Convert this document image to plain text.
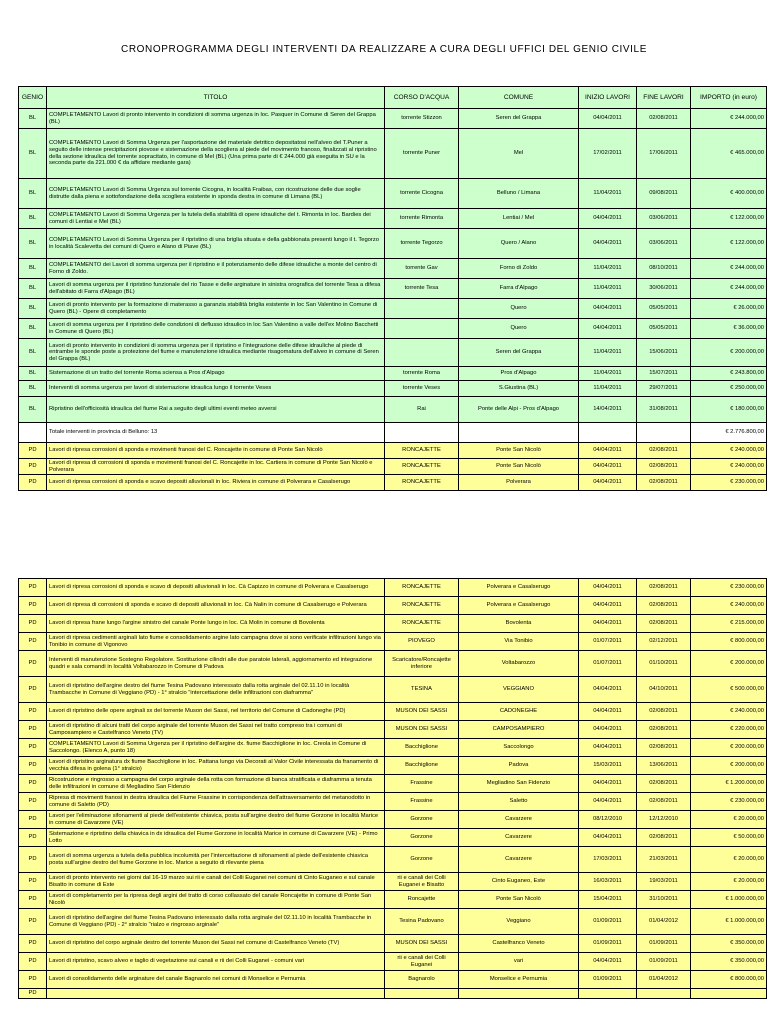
CRONOPROGRAMMA DEGLI INTERVENTI DA REALIZZARE A CURA DEGLI UFFICI DEL GENIO CIVILE
GENIO	TITOLO	CORSO D'ACQUA	COMUNE	INIZIO LAVORI	FINE LAVORI	IMPORTO (in euro)
BL	COMPLETAMENTO Lavori di pronto intervento in condizioni di somma urgenza in loc. Pasquer in Comune di Seren del Grappa (BL)	torrente Stizzon	Seren del Grappa	04/04/2011	02/08/2011	€ 244.000,00
BL	COMPLETAMENTO Lavori di Somma Urgenza per l'asportazione del materiale detritico depositatosi nell'alveo del T.Puner a seguito delle intense precipitazioni piovose e sistemazione della scogliera al piede del movimento franoso, finalizzati al ripristino della sezione idraulica del torrente sopracitato, in comune di Mel (BL) (Una prima parte di € 244.000 già eseguita in SU e la seconda parte da 221.000 € da affidare mediante gara)	torrente Puner	Mel	17/02/2011	17/06/2011	€ 465.000,00
BL	COMPLETAMENTO Lavori di Somma Urgenza sul torrente Cicogna, in località Fraibas, con ricostruzione delle due soglie distrutte dalla piena e sottofondazione della scogliera esistente in sponda destra in comune di Limana (BL)	torrente Cicogna	Belluno / Limana	11/04/2011	09/08/2011	€ 400.000,00
BL	COMPLETAMENTO Lavori di Somma Urgenza per la tutela della stabilità di opere idrauliche del t. Rimonta in loc. Bardies dei comuni di Lentiai e Mel (BL)	torrente Rimonta	Lentiai / Mel	04/04/2011	03/06/2011	€ 122.000,00
BL	COMPLETAMENTO Lavori di Somma Urgenza per il ripristino di una briglia situata e della gabbionata presenti lungo il t. Tegorzo in località Scalevetta dei comuni di Quero e Alano di Piave (BL)	torrente Tegorzo	Quero / Alano	04/04/2011	03/06/2011	€ 122.000,00
BL	COMPLETAMENTO dei Lavori di somma urgenza per il ripristino e il potenziamento delle difese idrauliche a monte del centro di Forno di Zoldo.	torrente Gav	Forno di Zoldo	11/04/2011	08/10/2011	€ 244.000,00
BL	Lavori di somma urgenza per il ripristino funzionale del rio Tasse e delle arginature in sinistra orografica del torrente Tesa a difesa dell'abitato di Farra d'Alpago (BL)	torrente Tesa	Farra d'Alpago	11/04/2011	30/06/2011	€ 244.000,00
BL	Lavori di pronto intervento per la formazione di materasso a garanzia stabilità briglia esistente in loc San Valentino in Comune di Quero (BL) - Opere di completamento		Quero	04/04/2011	05/05/2011	€ 26.000,00
BL	Lavori di somma urgenza per il ripristino delle condizioni di deflusso idraulico in loc San Valentino a valle dell'ex Molino Bacchetti in Comune di Quero (BL)		Quero	04/04/2011	05/05/2011	€ 36.000,00
BL	Lavori di pronto intervento in condizioni di somma urgenza per il ripristino e l'integrazione delle difese idrauliche al piede di entrambe le sponde poste a protezione del fiume e manutenzione idraulica mediante risagomatura dell'alveo in comune di Seren del Grappa (BL)		Seren del Grappa	11/04/2011	15/06/2011	€ 200.000,00
BL	Sistemazione di un tratto del torrente Roma sciensa a Pros d'Alpago	torrente Roma	Pros d'Alpago	11/04/2011	15/07/2011	€ 243.800,00
BL	Interventi di somma urgenza per lavori di sistemazione idraulica lungo il torrente Veses	torrente Veses	S.Giustina (BL)	11/04/2011	29/07/2011	€ 250.000,00
BL	Ripristino dell'officiosità idraulica del fiume Rai a seguito degli ultimi eventi meteo avversi	Rai	Ponte delle Alpi - Pros d'Alpago	14/04/2011	31/08/2011	€ 180.000,00
	Totale interventi in provincia di Belluno: 13					€ 2.776.800,00
PD	Lavori di ripresa corrosioni di sponda e movimenti franosi del C. Roncajette in comune di Ponte San Nicolò	RONCAJETTE	Ponte San Nicolò	04/04/2011	02/08/2011	€ 240.000,00
PD	Lavori di ripresa di corrosioni di sponda e movimenti franosi del C. Roncajette in loc. Cartiera in comune di Ponte San Nicolò e Polverara	RONCAJETTE	Ponte San Nicolò	04/04/2011	02/08/2011	€ 240.000,00
PD	Lavori di ripresa corrosioni di sponda e scavo depositi alluvionali in loc. Riviera in comune di Polverara e Casalserugo	RONCAJETTE	Polverara	04/04/2011	02/08/2011	€ 230.000,00
PD	Lavori di ripresa corrosioni di sponda e scavo di depositi alluvionali in loc. Cà Capizzo in comune di Polverara e Casalserugo	RONCAJETTE	Polverara e Casalserugo	04/04/2011	02/08/2011	€ 230.000,00
PD	Lavori di ripresa di corrosioni di sponda e scavo di depositi alluvionali in loc. Cà Nalin in comune di Casalserugo e Polverara	RONCAJETTE	Polverara e Casalserugo	04/04/2011	02/08/2011	€ 240.000,00
PD	Lavori di ripresa frane lungo l'argine sinistro del canale Ponte lungo in loc. Cà Molin in comune di Bovolenta	RONCAJETTE	Bovolenta	04/04/2011	02/08/2011	€ 215.000,00
PD	Lavori di ripresa cedimenti arginali lato fiume e consolidamento argine lato campagna dove si sono verificate infiltrazioni lungo via Tonibio in comune di Vigonovo	PIOVEGO	Via Tonibio	01/07/2011	02/12/2011	€ 800.000,00
PD	Interventi di manutenzione Sostegno Regolatore. Sostituzione cilindri alle due paratoie laterali, aggiornamento ed integrazione quadri e sala comandi in località Voltabarozzo in Comune di Padova	Scaricatore/Roncajette inferiore	Voltabarozzo	01/07/2011	01/10/2011	€ 200.000,00
PD	Lavori di ripristino dell'argine destro del fiume Tesina Padovano interessato dalla rotta arginale del 02.11.10 in località Trambacche in Comune di Veggiano (PD) - 1° stralcio "intercettazione delle infiltrazioni con diaframma"	TESINA	VEGGIANO	04/04/2011	04/10/2011	€ 500.000,00
PD	Lavori di ripristino delle opere arginali sx del torrente Muson dei Sassi, nel territorio del Comune di Cadoneghe (PD)	MUSON DEI SASSI	CADONEGHE	04/04/2011	02/08/2011	€ 240.000,00
PD	Lavori di ripristino di alcuni tratti del corpo arginale del torrente Muson dei Sassi nel tratto compreso tra i comuni di Camposampiero e Castelfranco Veneto (TV)	MUSON DEI SASSI	CAMPOSAMPIERO	04/04/2011	02/08/2011	€ 220.000,00
PD	COMPLETAMENTO Lavori di Somma Urgenza per il ripristino dell'argine dx. fiume Bacchiglione in loc. Creola in Comune di Saccolongo. (Elenco A, punto 18)	Bacchiglione	Saccolongo	04/04/2011	02/08/2011	€ 200.000,00
PD	Lavori di ripristino arginatura dx fiume Bacchiglione in loc. Pattana lungo via Decorati al Valor Civile interessata da franamento di vecchia difesa in golena (1° stralcio)	Bacchiglione	Padova	15/03/2011	13/06/2011	€ 200.000,00
PD	Ricostruzione e ringrosso a campagna del corpo arginale della rotta con formazione di banca stratificata e diaframma a tenuta delle infiltrazioni in comune di Megliadino San Fidenzio	Frassine	Megliadino San Fidenzio	04/04/2011	02/08/2011	€ 1.200.000,00
PD	Ripresa di movimenti franosi in destra idraulica del Fiume Frassine in corrispondenza dell'attraversamento del metanodotto in comune di Saletto (PD)	Frassine	Saletto	04/04/2011	02/08/2011	€ 230.000,00
PD	Lavori per l'eliminazione sifonamenti al piede dell'esistente chiavica, posta sull'argine destro del fiume Gorzone in località Marice in comune di Cavarzere (VE)	Gorzone	Cavarzere	08/12/2010	12/12/2010	€ 20.000,00
PD	Sistemazione e ripristino della chiavica in dx idraulica del Fiume Gorzone in località Marice in comune di Cavarzere (VE) - Primo Lotto	Gorzone	Cavarzere	04/04/2011	02/08/2011	€ 50.000,00
PD	Lavori di somma urgenza a tutela della pubblica incolumità per l'intercettazione di sifonamenti al piede dell'esistente chiavica posta sull'argine destro del fiume Gorzone in loc. Marice a seguito di rilevante piena	Gorzone	Cavarzere	17/03/2011	21/03/2011	€ 20.000,00
PD	Lavori di pronto intervento nei giorni dal 16-19 marzo sui rii e canali dei Colli Euganei nei comuni di Cinto Euganeo e sul canale Bisatto in comune di Este	rii e canali dei Colli Euganei e Bisatto	Cinto Euganeo, Este	16/03/2011	19/03/2011	€ 20.000,00
PD	Lavori di completamento per la ripresa degli argini del tratto di corso collassato del canale Roncajette in comune di Ponte San Nicolò	Roncajette	Ponte San Nicolò	15/04/2011	31/10/2011	€ 1.000.000,00
PD	Lavori di ripristino dell'argine del fiume Tesina Padovano interessato dalla rotta arginale del 02.11.10 in località Trambacche in Comune di Veggiano (PD) - 2° stralcio "rialzo e ringrosso arginale"	Tesina Padovano	Veggiano	01/09/2011	01/04/2012	€ 1.000.000,00
PD	Lavori di ripristino del corpo arginale destro del torrente Muson dei Sassi nel comune di Castelfranco Veneto (TV)	MUSON DEI SASSI	Castelfranco Veneto	01/09/2011	01/09/2011	€ 350.000,00
PD	Lavori di ripristino, scavo alveo e taglio di vegetazione sui canali e rii dei Colli Euganei - comuni vari	rii e canali dei Colli Euganei	vari	04/04/2011	01/09/2011	€ 350.000,00
PD	Lavori di consolidamento delle arginature del canale Bagnarolo nei comuni di Monselice e Pernumia	Bagnarolo	Monselice e Pernumia	01/09/2011	01/04/2012	€ 800.000,00
PD						
